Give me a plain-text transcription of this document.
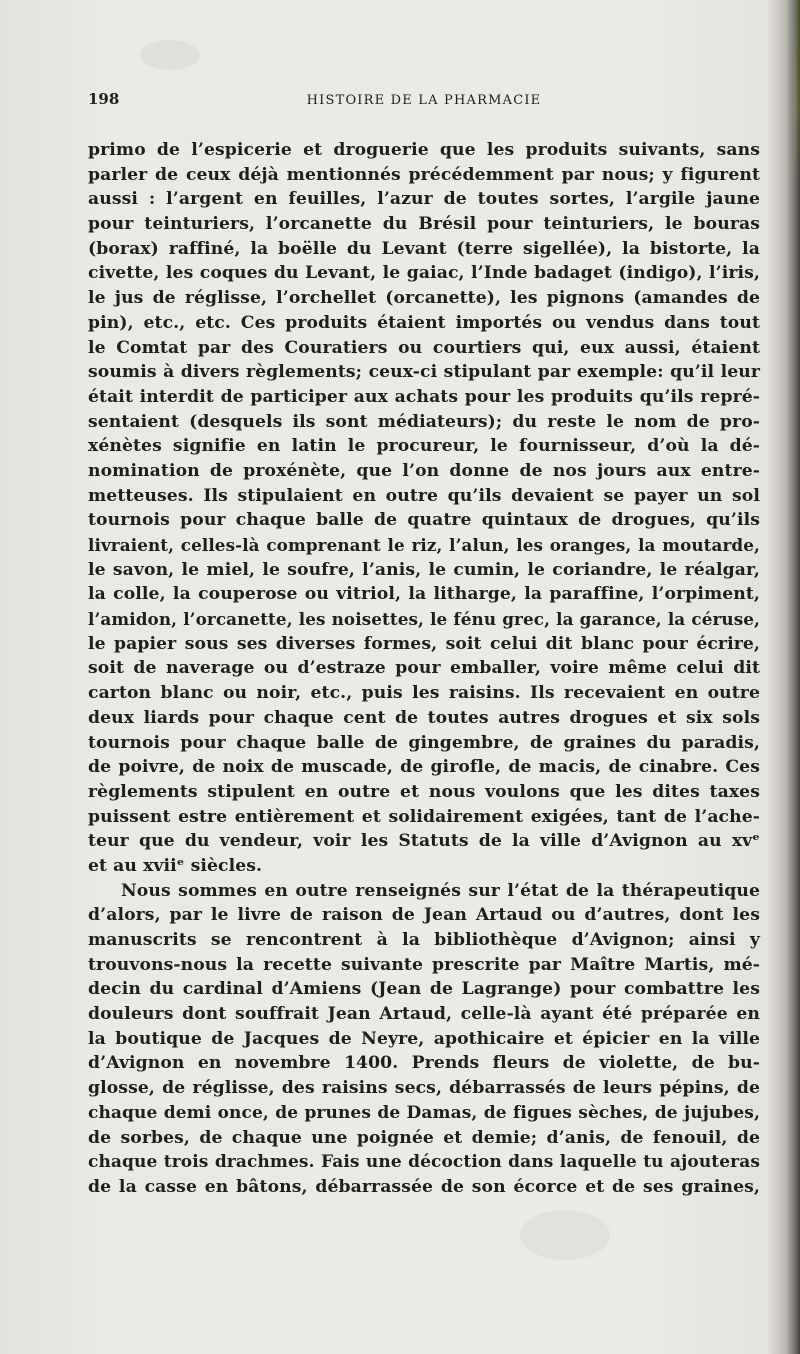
198	HISTOIRE DE LA PHARMACIE
primo de l’espicerie et droguerie que les produits suivants, sans
parler de ceux déjà mentionnés précédemment par nous; y figurent
aussi : l’argent en feuilles, l’azur de toutes sortes, l’argile jaune
pour teinturiers, l’orcanette du Brésil pour teinturiers, le bouras
(borax) raffiné, la boëlle du Levant (terre sigellée), la bistorte, la
civette, les coques du Levant, le gaiac, l’Inde badaget (indigo), l’iris,
le jus de réglisse, l’orchellet (orcanette), les pignons (amandes de
pin), etc., etc. Ces produits étaient importés ou vendus dans tout
le Comtat par des Couratiers ou courtiers qui, eux aussi, étaient
soumis à divers règlements; ceux-ci stipulant par exemple: qu’il leur
était interdit de participer aux achats pour les produits qu’ils repré-
sentaient (desquels ils sont médiateurs); du reste le nom de pro-
xénètes signifie en latin le procureur, le fournisseur, d’où la dé-
nomination de proxénète, que l’on donne de nos jours aux entre-
metteuses. Ils stipulaient en outre qu’ils devaient se payer un sol
tournois pour chaque balle de quatre quintaux de drogues, qu’ils
livraient, celles-là comprenant le riz, l’alun, les oranges, la moutarde,
le savon, le miel, le soufre, l’anis, le cumin, le coriandre, le réalgar,
la colle, la couperose ou vitriol, la litharge, la paraffine, l’orpiment,
l’amidon, l’orcanette, les noisettes, le fénu grec, la garance, la céruse,
le papier sous ses diverses formes, soit celui dit blanc pour écrire,
soit de naverage ou d’estraze pour emballer, voire même celui dit
carton blanc ou noir, etc., puis les raisins. Ils recevaient en outre
deux liards pour chaque cent de toutes autres drogues et six sols
tournois pour chaque balle de gingembre, de graines du paradis,
de poivre, de noix de muscade, de girofle, de macis, de cinabre. Ces
règlements stipulent en outre et nous voulons que les dites taxes
puissent estre entièrement et solidairement exigées, tant de l’ache-
teur que du vendeur, voir les Statuts de la ville d’Avignon au xvᵉ
et au xviiᵉ siècles.
Nous sommes en outre renseignés sur l’état de la thérapeutique
d’alors, par le livre de raison de Jean Artaud ou d’autres, dont les
manuscrits se rencontrent à la bibliothèque d’Avignon; ainsi y
trouvons-nous la recette suivante prescrite par Maître Martis, mé-
decin du cardinal d’Amiens (Jean de Lagrange) pour combattre les
douleurs dont souffrait Jean Artaud, celle-là ayant été préparée en
la boutique de Jacques de Neyre, apothicaire et épicier en la ville
d’Avignon en novembre 1400. Prends fleurs de violette, de bu-
glosse, de réglisse, des raisins secs, débarrassés de leurs pépins, de
chaque demi once, de prunes de Damas, de figues sèches, de jujubes,
de sorbes, de chaque une poignée et demie; d’anis, de fenouil, de
chaque trois drachmes. Fais une décoction dans laquelle tu ajouteras
de la casse en bâtons, débarrassée de son écorce et de ses graines,
